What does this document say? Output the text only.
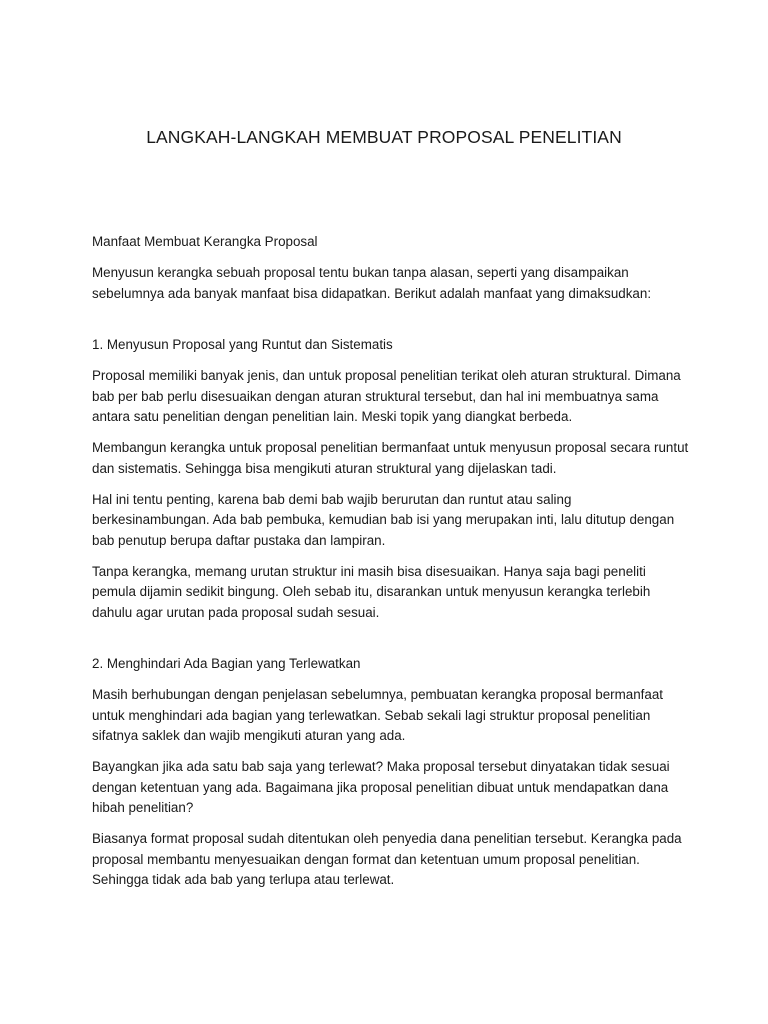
LANGKAH-LANGKAH MEMBUAT PROPOSAL PENELITIAN

Manfaat Membuat Kerangka Proposal

Menyusun kerangka sebuah proposal tentu bukan tanpa alasan, seperti yang disampaikan sebelumnya ada banyak manfaat bisa didapatkan. Berikut adalah manfaat yang dimaksudkan:

1. Menyusun Proposal yang Runtut dan Sistematis

Proposal memiliki banyak jenis, dan untuk proposal penelitian terikat oleh aturan struktural. Dimana bab per bab perlu disesuaikan dengan aturan struktural tersebut, dan hal ini membuatnya sama antara satu penelitian dengan penelitian lain. Meski topik yang diangkat berbeda.

Membangun kerangka untuk proposal penelitian bermanfaat untuk menyusun proposal secara runtut dan sistematis. Sehingga bisa mengikuti aturan struktural yang dijelaskan tadi.

Hal ini tentu penting, karena bab demi bab wajib berurutan dan runtut atau saling berkesinambungan. Ada bab pembuka, kemudian bab isi yang merupakan inti, lalu ditutup dengan bab penutup berupa daftar pustaka dan lampiran.

Tanpa kerangka, memang urutan struktur ini masih bisa disesuaikan. Hanya saja bagi peneliti pemula dijamin sedikit bingung. Oleh sebab itu, disarankan untuk menyusun kerangka terlebih dahulu agar urutan pada proposal sudah sesuai.

2. Menghindari Ada Bagian yang Terlewatkan

Masih berhubungan dengan penjelasan sebelumnya, pembuatan kerangka proposal bermanfaat untuk menghindari ada bagian yang terlewatkan. Sebab sekali lagi struktur proposal penelitian sifatnya saklek dan wajib mengikuti aturan yang ada.

Bayangkan jika ada satu bab saja yang terlewat? Maka proposal tersebut dinyatakan tidak sesuai dengan ketentuan yang ada. Bagaimana jika proposal penelitian dibuat untuk mendapatkan dana hibah penelitian?

Biasanya format proposal sudah ditentukan oleh penyedia dana penelitian tersebut. Kerangka pada proposal membantu menyesuaikan dengan format dan ketentuan umum proposal penelitian. Sehingga tidak ada bab yang terlupa atau terlewat.
